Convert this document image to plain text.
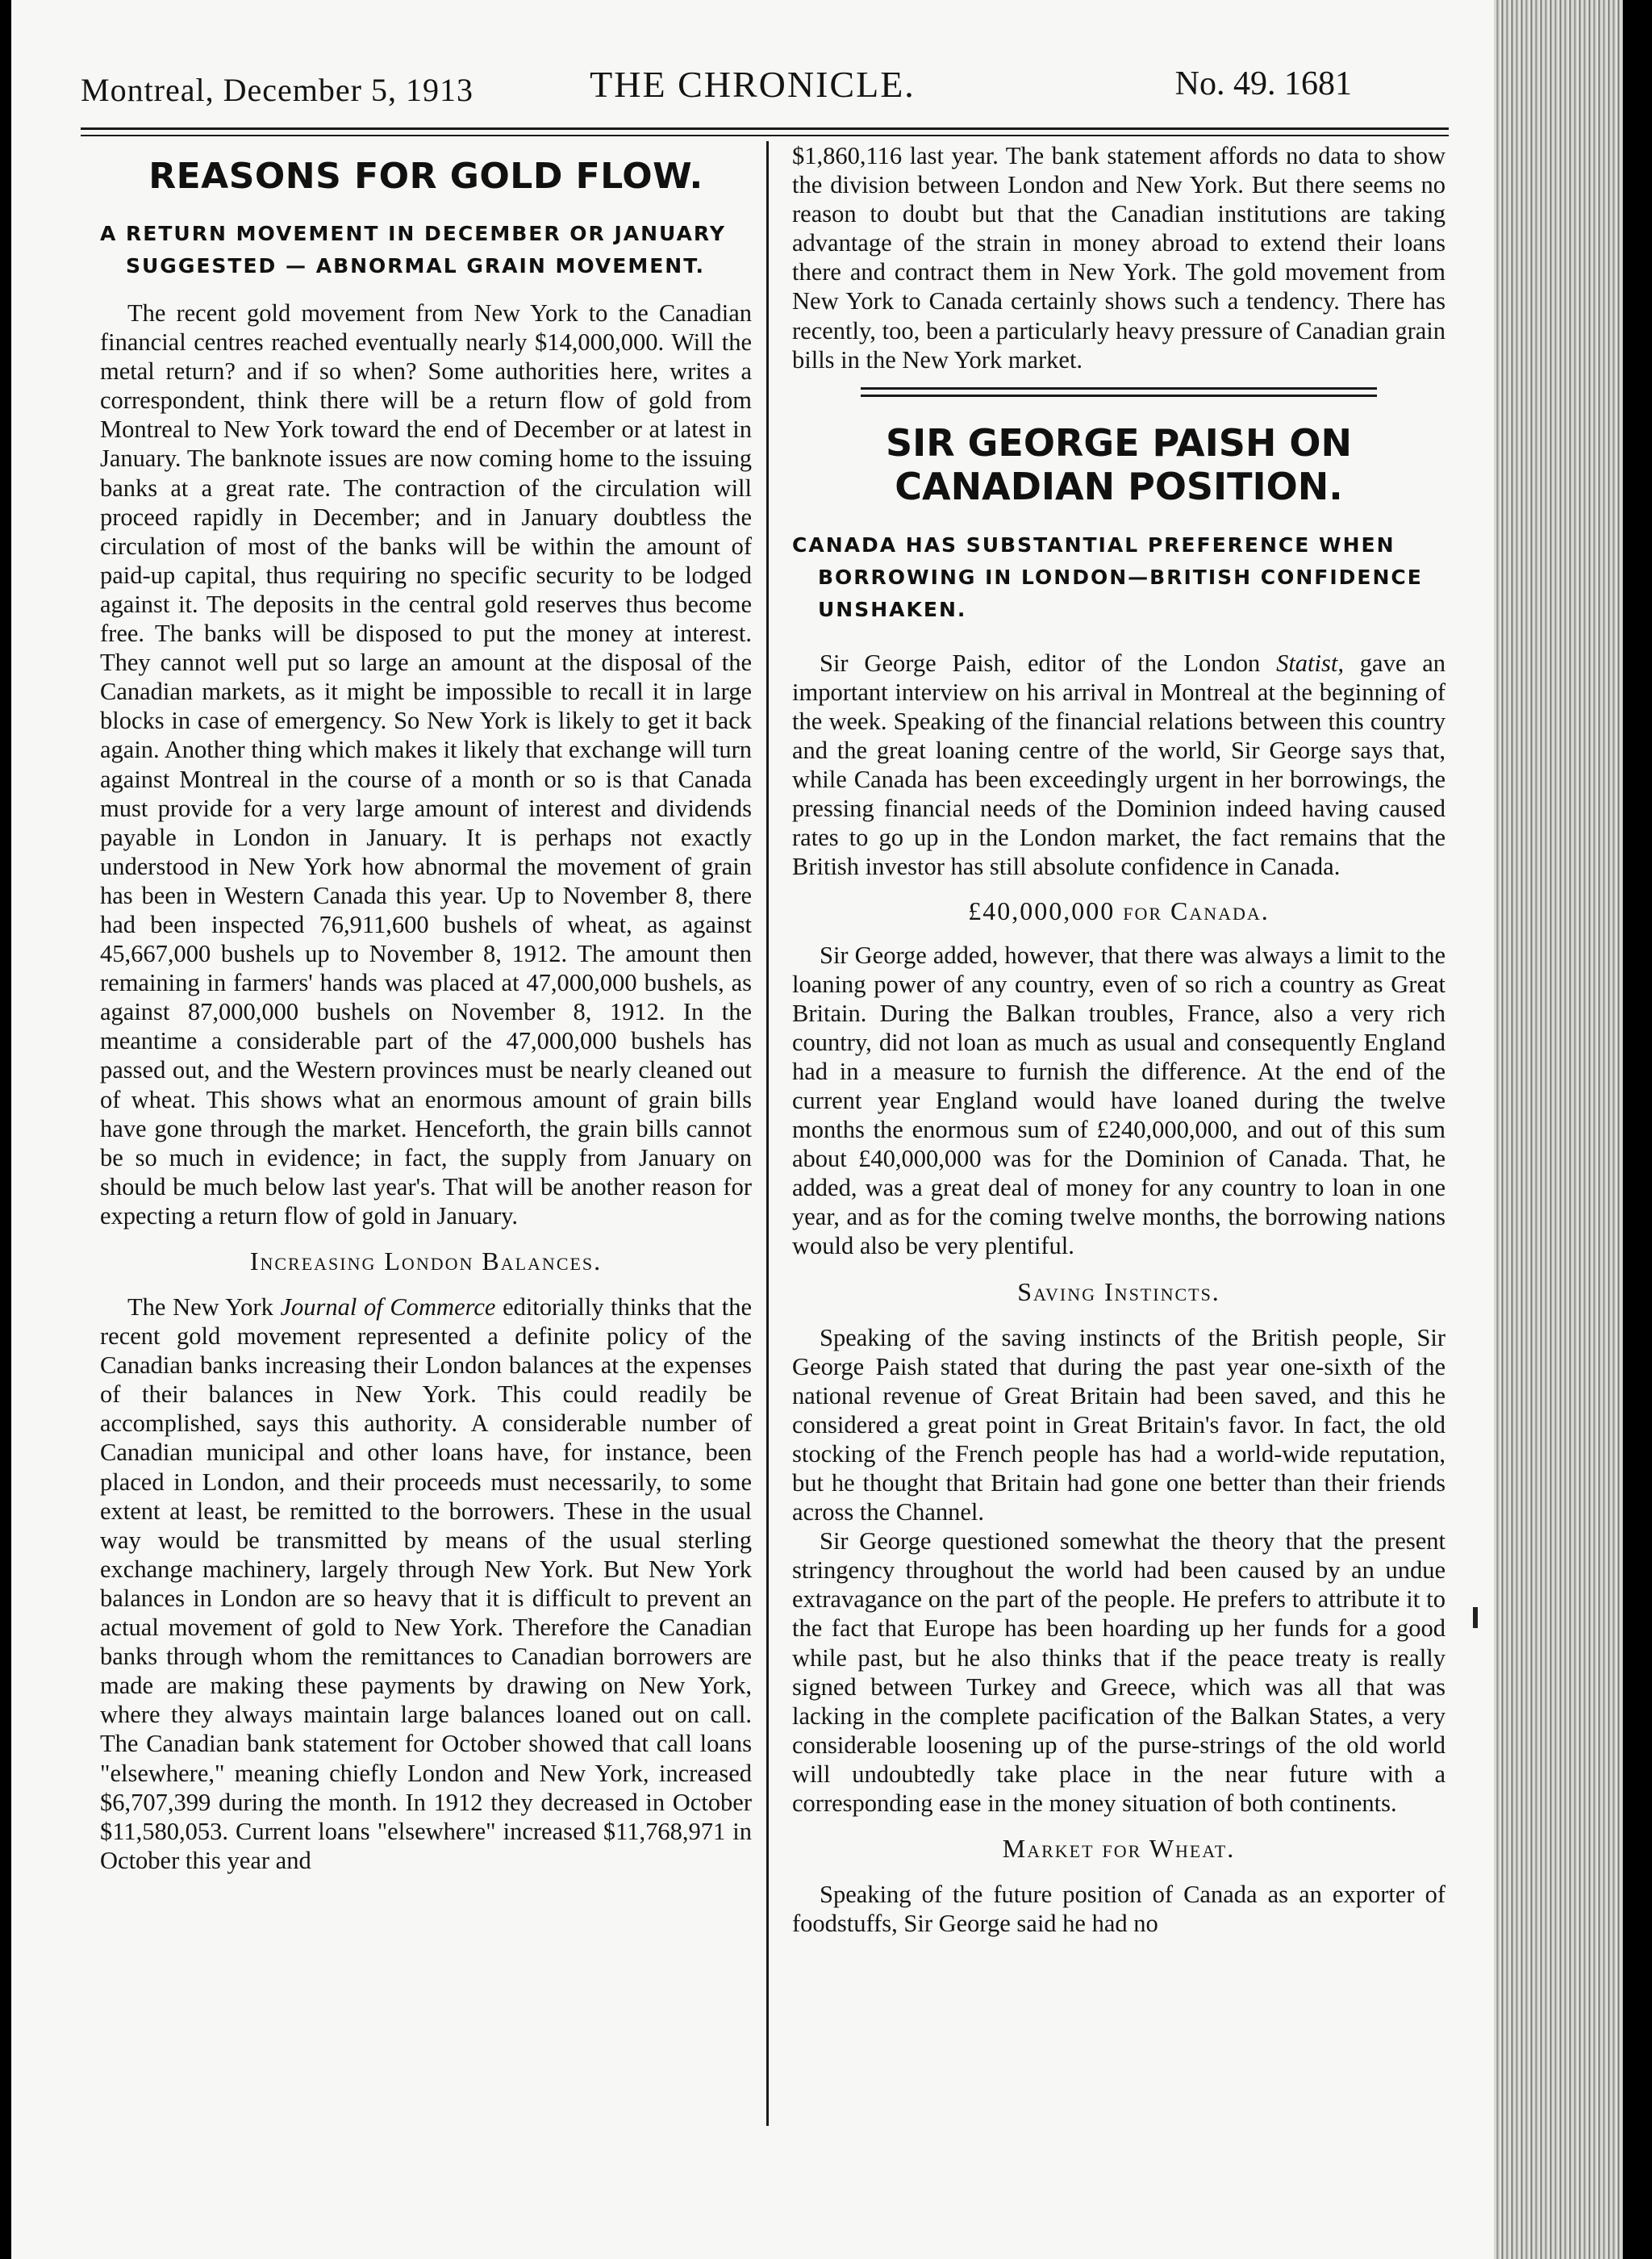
Montreal, December 5, 1913	THE CHRONICLE.	No. 49. 1681
REASONS FOR GOLD FLOW.

A RETURN MOVEMENT IN DECEMBER OR JANUARY SUGGESTED — ABNORMAL GRAIN MOVEMENT.

The recent gold movement from New York to the Canadian financial centres reached eventually nearly $14,000,000. Will the metal return? and if so when? Some authorities here, writes a correspondent, think there will be a return flow of gold from Montreal to New York toward the end of December or at latest in January. The banknote issues are now coming home to the issuing banks at a great rate. The contraction of the circulation will proceed rapidly in December; and in January doubtless the circulation of most of the banks will be within the amount of paid-up capital, thus requiring no specific security to be lodged against it. The deposits in the central gold reserves thus become free. The banks will be disposed to put the money at interest. They cannot well put so large an amount at the disposal of the Canadian markets, as it might be impossible to recall it in large blocks in case of emergency. So New York is likely to get it back again. Another thing which makes it likely that exchange will turn against Montreal in the course of a month or so is that Canada must provide for a very large amount of interest and dividends payable in London in January. It is perhaps not exactly understood in New York how abnormal the movement of grain has been in Western Canada this year. Up to November 8, there had been inspected 76,911,600 bushels of wheat, as against 45,667,000 bushels up to November 8, 1912. The amount then remaining in farmers' hands was placed at 47,000,000 bushels, as against 87,000,000 bushels on November 8, 1912. In the meantime a considerable part of the 47,000,000 bushels has passed out, and the Western provinces must be nearly cleaned out of wheat. This shows what an enormous amount of grain bills have gone through the market. Henceforth, the grain bills cannot be so much in evidence; in fact, the supply from January on should be much below last year's. That will be another reason for expecting a return flow of gold in January.

Increasing London Balances.

The New York Journal of Commerce editorially thinks that the recent gold movement represented a definite policy of the Canadian banks increasing their London balances at the expenses of their balances in New York. This could readily be accomplished, says this authority. A considerable number of Canadian municipal and other loans have, for instance, been placed in London, and their proceeds must necessarily, to some extent at least, be remitted to the borrowers. These in the usual way would be transmitted by means of the usual sterling exchange machinery, largely through New York. But New York balances in London are so heavy that it is difficult to prevent an actual movement of gold to New York. Therefore the Canadian banks through whom the remittances to Canadian borrowers are made are making these payments by drawing on New York, where they always maintain large balances loaned out on call. The Canadian bank statement for October showed that call loans "elsewhere," meaning chiefly London and New York, increased $6,707,399 during the month. In 1912 they decreased in October $11,580,053. Current loans "elsewhere" increased $11,768,971 in October this year and

$1,860,116 last year. The bank statement affords no data to show the division between London and New York. But there seems no reason to doubt but that the Canadian institutions are taking advantage of the strain in money abroad to extend their loans there and contract them in New York. The gold movement from New York to Canada certainly shows such a tendency. There has recently, too, been a particularly heavy pressure of Canadian grain bills in the New York market.

SIR GEORGE PAISH ON
CANADIAN POSITION.

CANADA HAS SUBSTANTIAL PREFERENCE WHEN BORROWING IN LONDON—BRITISH CONFIDENCE UNSHAKEN.

Sir George Paish, editor of the London Statist, gave an important interview on his arrival in Montreal at the beginning of the week. Speaking of the financial relations between this country and the great loaning centre of the world, Sir George says that, while Canada has been exceedingly urgent in her borrowings, the pressing financial needs of the Dominion indeed having caused rates to go up in the London market, the fact remains that the British investor has still absolute confidence in Canada.

£40,000,000 for Canada.

Sir George added, however, that there was always a limit to the loaning power of any country, even of so rich a country as Great Britain. During the Balkan troubles, France, also a very rich country, did not loan as much as usual and consequently England had in a measure to furnish the difference. At the end of the current year England would have loaned during the twelve months the enormous sum of £240,000,000, and out of this sum about £40,000,000 was for the Dominion of Canada. That, he added, was a great deal of money for any country to loan in one year, and as for the coming twelve months, the borrowing nations would also be very plentiful.

Saving Instincts.

Speaking of the saving instincts of the British people, Sir George Paish stated that during the past year one-sixth of the national revenue of Great Britain had been saved, and this he considered a great point in Great Britain's favor. In fact, the old stocking of the French people has had a world-wide reputation, but he thought that Britain had gone one better than their friends across the Channel.

Sir George questioned somewhat the theory that the present stringency throughout the world had been caused by an undue extravagance on the part of the people. He prefers to attribute it to the fact that Europe has been hoarding up her funds for a good while past, but he also thinks that if the peace treaty is really signed between Turkey and Greece, which was all that was lacking in the complete pacification of the Balkan States, a very considerable loosening up of the purse-strings of the old world will undoubtedly take place in the near future with a corresponding ease in the money situation of both continents.

Market for Wheat.

Speaking of the future position of Canada as an exporter of foodstuffs, Sir George said he had no
